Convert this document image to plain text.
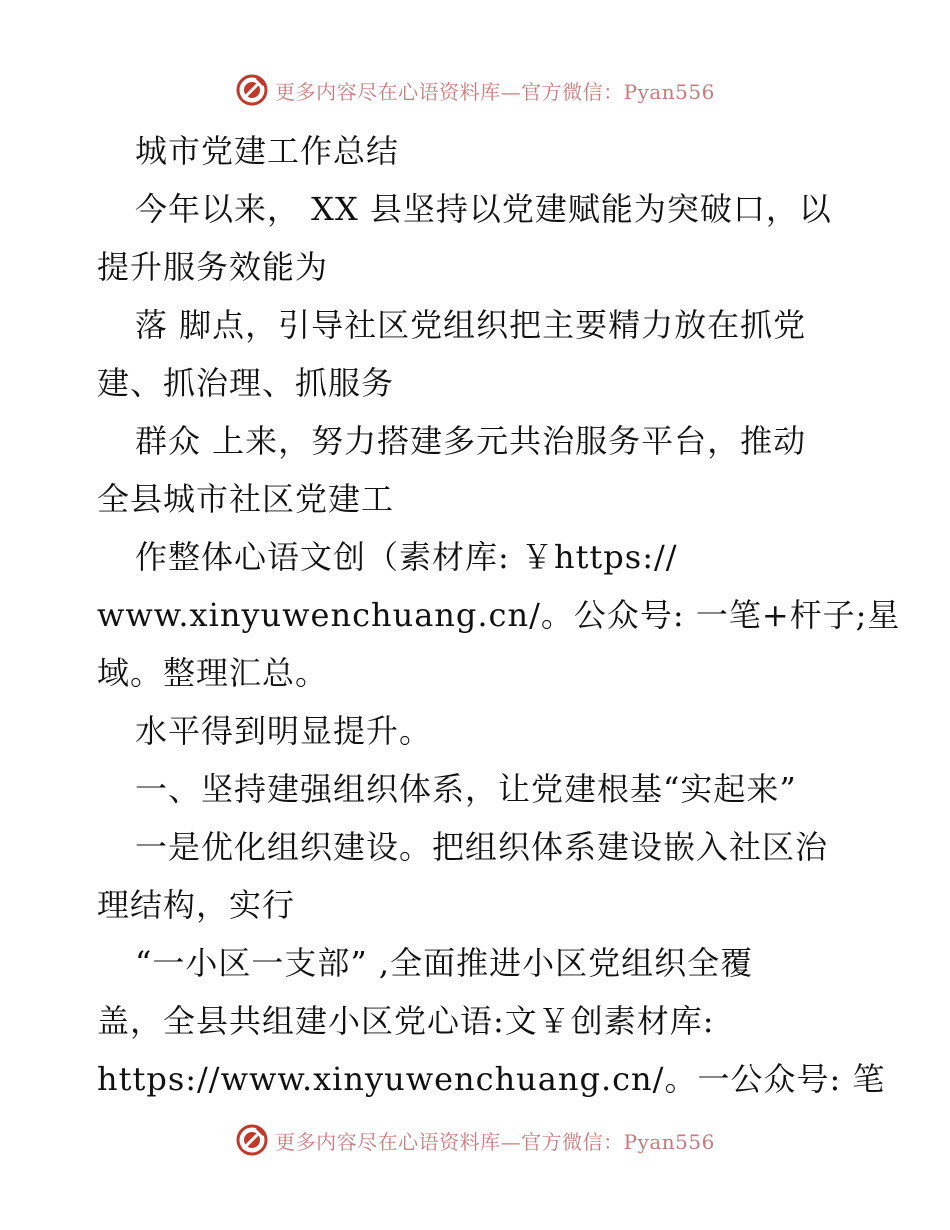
更多内容尽在心语资料库—官方微信：Pyan556
城市党建工作总结
今年以来， XX 县坚持以党建赋能为突破口，以
提升服务效能为
落 脚点，引导社区党组织把主要精力放在抓党
建、抓治理、抓服务
群众 上来，努力搭建多元共治服务平台，推动
全县城市社区党建工
作整体心语文创（素材库: ￥https://
www.xinyuwenchuang.cn/。公众号: 一笔+杆子;星
域。整理汇总。
水平得到明显提升。
一、坚持建强组织体系，让党建根基“实起来”
一是优化组织建设。把组织体系建设嵌入社区治
理结构，实行
“一小区一支部” ,全面推进小区党组织全覆
盖，全县共组建小区党心语:文￥创素材库:
https://www.xinyuwenchuang.cn/。一公众号: 笔
更多内容尽在心语资料库—官方微信：Pyan556
